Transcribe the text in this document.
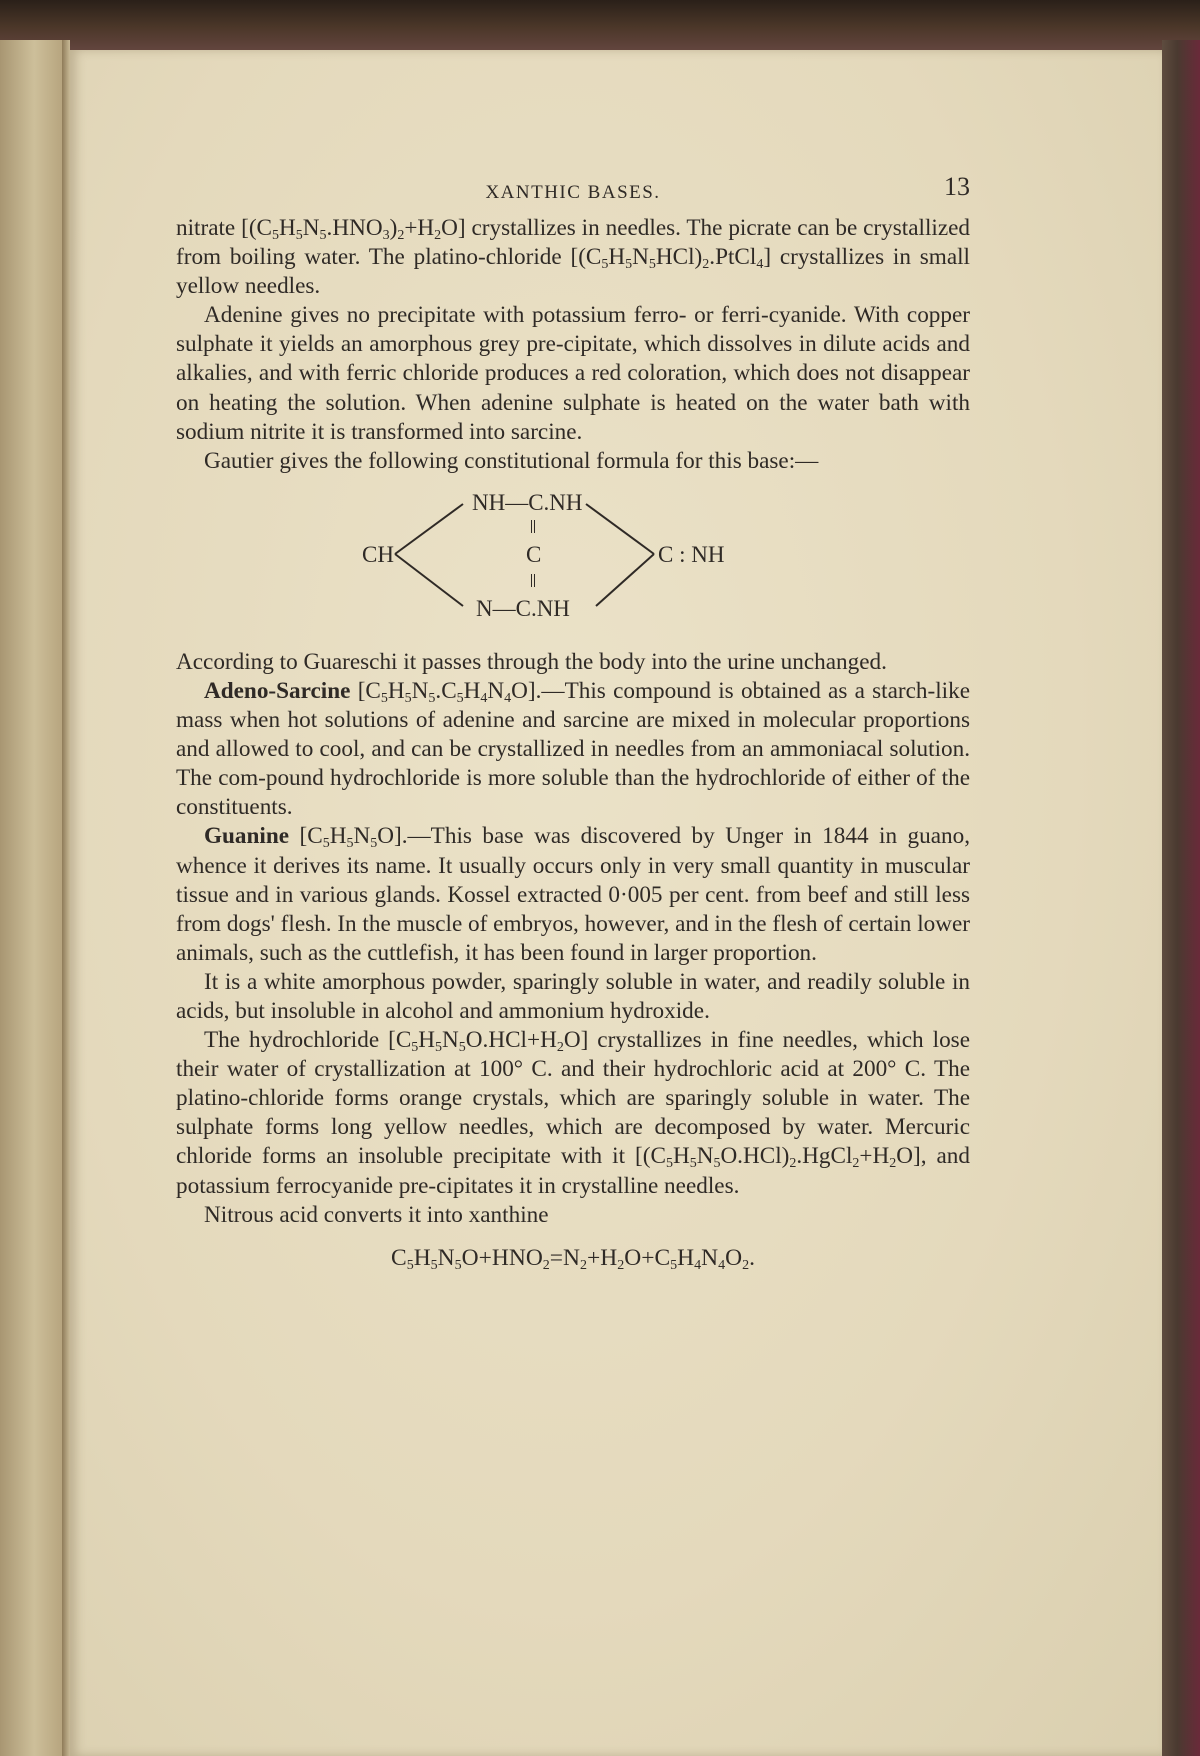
XANTHIC BASES.	13

nitrate $[(C_5H_5N_5.HNO_3)_2+H_2O]$ crystallizes in needles. The picrate can be crystallized from boiling water. The platino-chloride $[(C_5H_5N_5HCl)_2.PtCl_4]$ crystallizes in small yellow needles.

Adenine gives no precipitate with potassium ferro- or ferri-cyanide. With copper sulphate it yields an amorphous grey pre-cipitate, which dissolves in dilute acids and alkalies, and with ferric chloride produces a red coloration, which does not disappear on heating the solution. When adenine sulphate is heated on the water bath with sodium nitrite it is transformed into sarcine.

Gautier gives the following constitutional formula for this base:—

NH—C.NH
CH	C	C : NH
N—C.NH

According to Guareschi it passes through the body into the urine unchanged.

Adeno-Sarcine $[C_5H_5N_5.C_5H_4N_4O].—This$ compound is obtained as a starch-like mass when hot solutions of adenine and sarcine are mixed in molecular proportions and allowed to cool, and can be crystallized in needles from an ammoniacal solution. The com-pound hydrochloride is more soluble than the hydrochloride of either of the constituents.

Guanine $[C_5H_5N_5O].—This$ base was discovered by Unger in 1844 in guano, whence it derives its name. It usually occurs only in very small quantity in muscular tissue and in various glands. Kossel extracted 0·005 per cent. from beef and still less from dogs' flesh. In the muscle of embryos, however, and in the flesh of certain lower animals, such as the cuttlefish, it has been found in larger proportion.

It is a white amorphous powder, sparingly soluble in water, and readily soluble in acids, but insoluble in alcohol and ammonium hydroxide.

The hydrochloride $[C_5H_5N_5O.HCl+H_2O]$ crystallizes in fine needles, which lose their water of crystallization at 100° C. and their hydrochloric acid at 200° C. The platino-chloride forms orange crystals, which are sparingly soluble in water. The sulphate forms long yellow needles, which are decomposed by water. Mercuric chloride forms an insoluble precipitate with it $[(C_5H_5N_5O.HCl)_2.HgCl_2+H_2O]$, and potassium ferrocyanide pre-cipitates it in crystalline needles.

Nitrous acid converts it into xanthine

$C_5H_5N_5O+HNO_2=N_2+H_2O+C_5H_4N_4O_2$.
